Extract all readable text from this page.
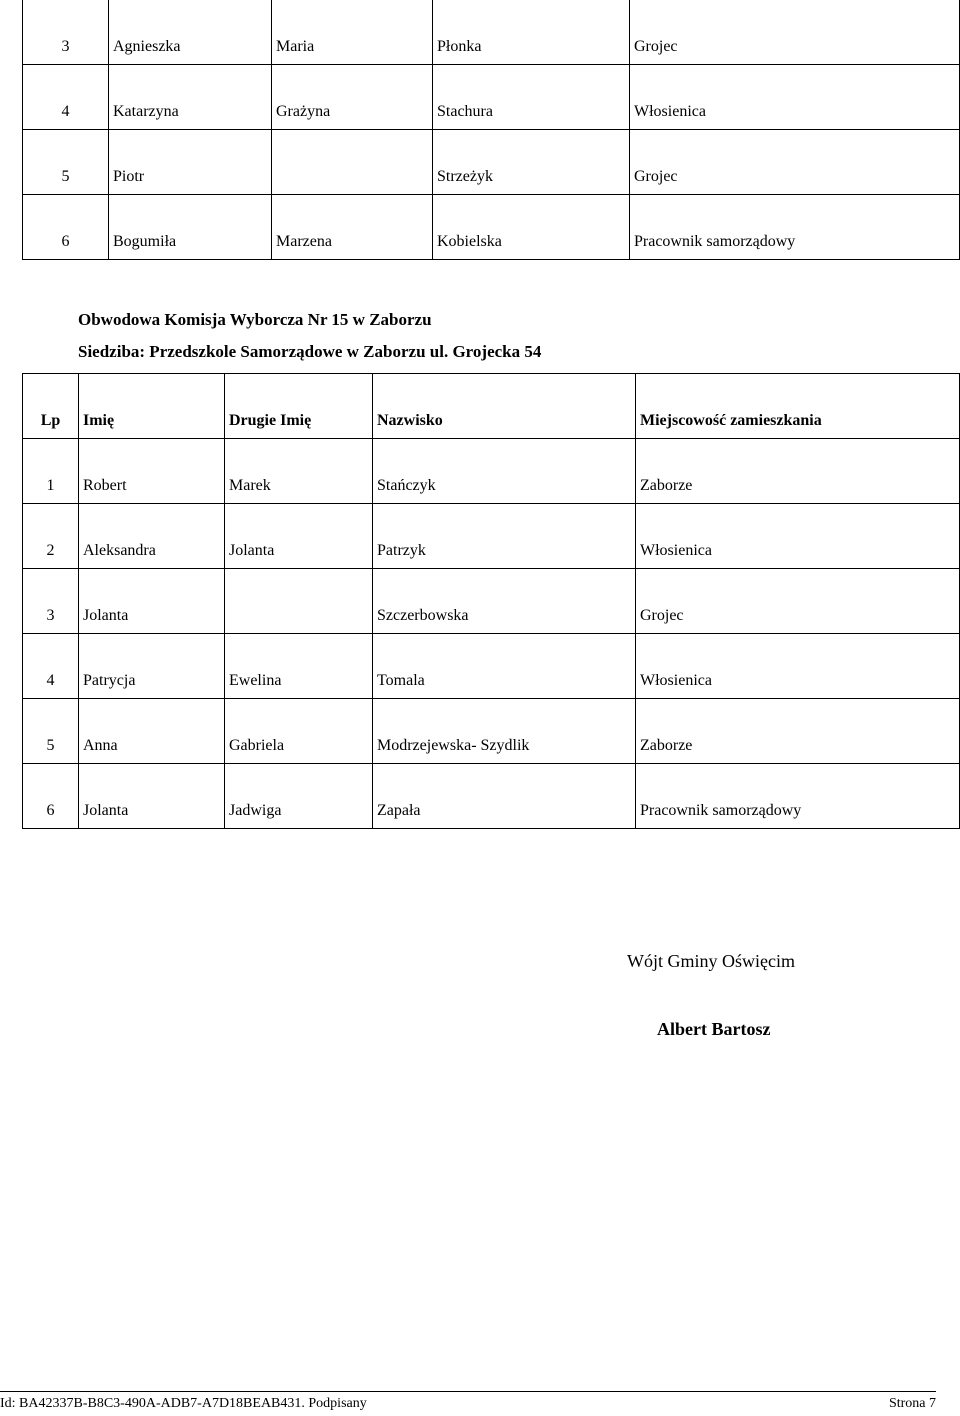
3	Agnieszka	Maria	Płonka	Grojec
4	Katarzyna	Grażyna	Stachura	Włosienica
5	Piotr		Strzeżyk	Grojec
6	Bogumiła	Marzena	Kobielska	Pracownik samorządowy
Obwodowa Komisja Wyborcza Nr 15 w Zaborzu
Siedziba: Przedszkole Samorządowe w Zaborzu ul. Grojecka 54
Lp	Imię	Drugie Imię	Nazwisko	Miejscowość zamieszkania
1	Robert	Marek	Stańczyk	Zaborze
2	Aleksandra	Jolanta	Patrzyk	Włosienica
3	Jolanta		Szczerbowska	Grojec
4	Patrycja	Ewelina	Tomala	Włosienica
5	Anna	Gabriela	Modrzejewska- Szydlik	Zaborze
6	Jolanta	Jadwiga	Zapała	Pracownik samorządowy
Wójt Gminy Oświęcim
Albert Bartosz
Id: BA42337B-B8C3-490A-ADB7-A7D18BEAB431. Podpisany	Strona 7
